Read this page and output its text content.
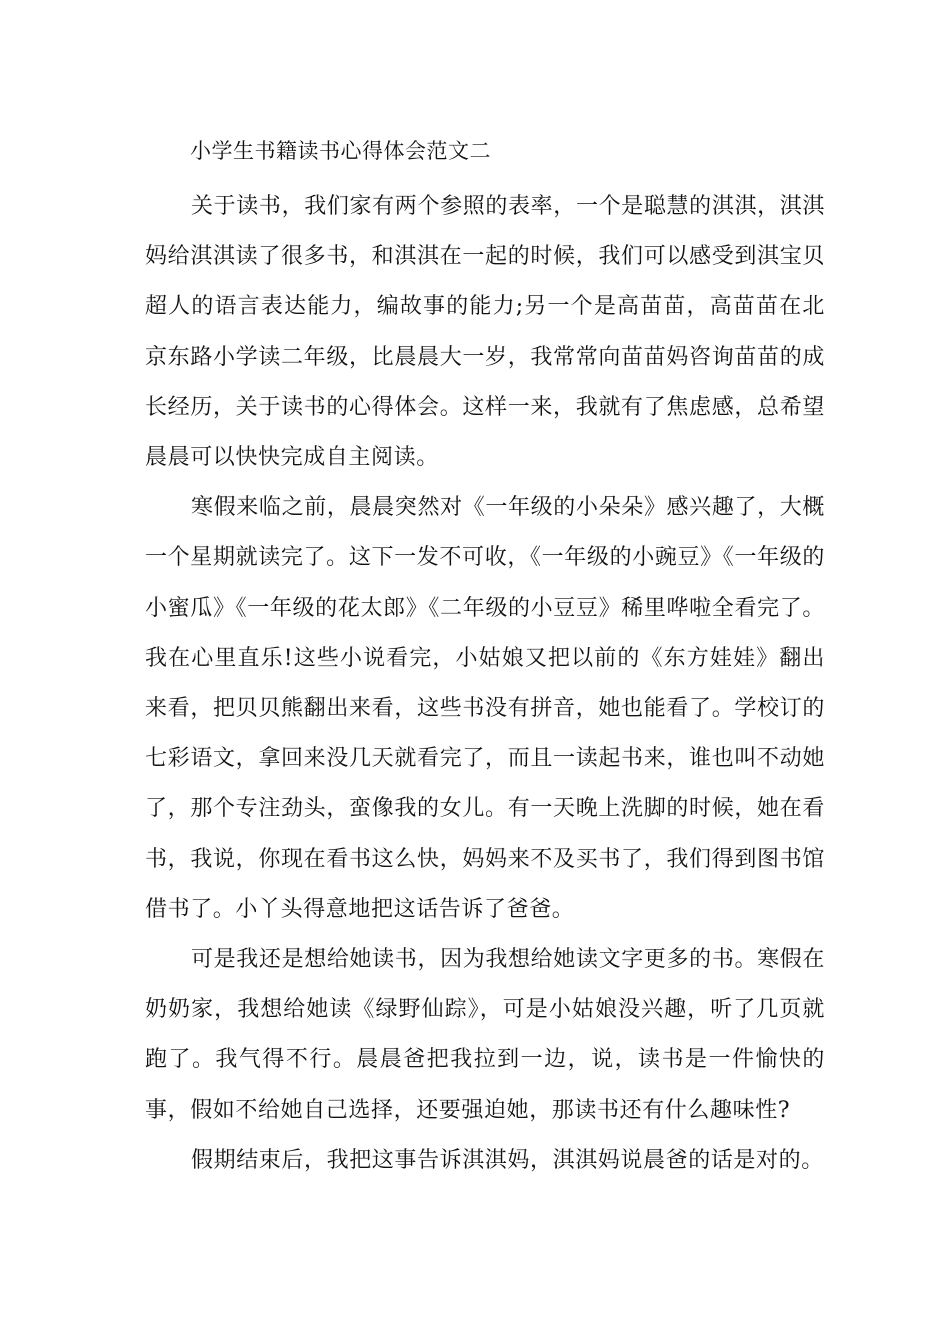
小学生书籍读书心得体会范文二

关于读书，我们家有两个参照的表率，一个是聪慧的淇淇，淇淇妈给淇淇读了很多书，和淇淇在一起的时候，我们可以感受到淇宝贝超人的语言表达能力，编故事的能力;另一个是高苗苗，高苗苗在北京东路小学读二年级，比晨晨大一岁，我常常向苗苗妈咨询苗苗的成长经历，关于读书的心得体会。这样一来，我就有了焦虑感，总希望晨晨可以快快完成自主阅读。

寒假来临之前，晨晨突然对《一年级的小朵朵》感兴趣了，大概一个星期就读完了。这下一发不可收，《一年级的小豌豆》《一年级的小蜜瓜》《一年级的花太郎》《二年级的小豆豆》稀里哗啦全看完了。我在心里直乐!这些小说看完，小姑娘又把以前的《东方娃娃》翻出来看，把贝贝熊翻出来看，这些书没有拼音，她也能看了。学校订的七彩语文，拿回来没几天就看完了，而且一读起书来，谁也叫不动她了，那个专注劲头，蛮像我的女儿。有一天晚上洗脚的时候，她在看书，我说，你现在看书这么快，妈妈来不及买书了，我们得到图书馆借书了。小丫头得意地把这话告诉了爸爸。

可是我还是想给她读书，因为我想给她读文字更多的书。寒假在奶奶家，我想给她读《绿野仙踪》，可是小姑娘没兴趣，听了几页就跑了。我气得不行。晨晨爸把我拉到一边，说，读书是一件愉快的事，假如不给她自己选择，还要强迫她，那读书还有什么趣味性?

假期结束后，我把这事告诉淇淇妈，淇淇妈说晨爸的话是对的。
